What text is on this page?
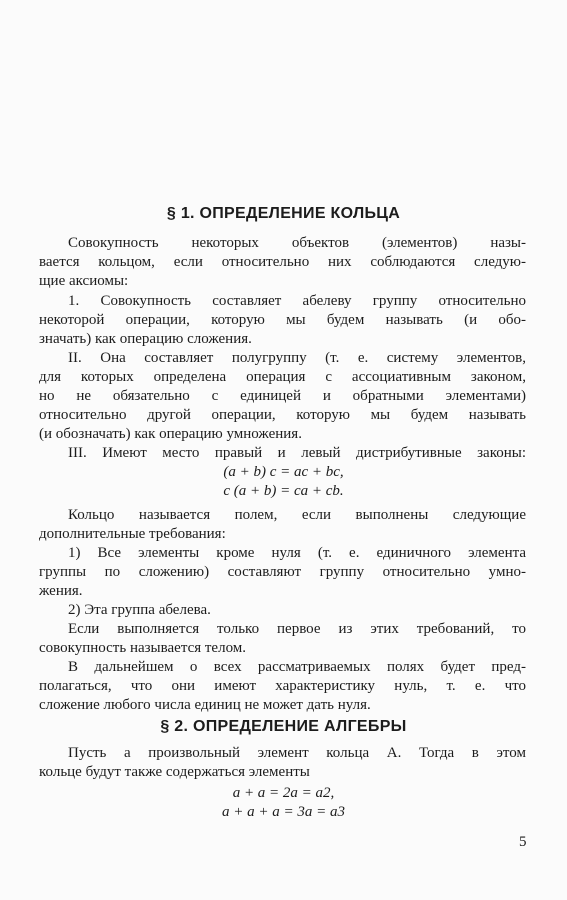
§ 1. ОПРЕДЕЛЕНИЕ КОЛЬЦА
Совокупность некоторых объектов (элементов) назы-
вается кольцом, если относительно них соблюдаются следую-
щие аксиомы:
1. Совокупность составляет абелеву группу относительно
некоторой операции, которую мы будем называть (и обо-
значать) как операцию сложения.
II. Она составляет полугруппу (т. е. систему элементов,
для которых определена операция с ассоциативным законом,
но не обязательно с единицей и обратными элементами)
относительно другой операции, которую мы будем называть
(и обозначать) как операцию умножения.
III. Имеют место правый и левый дистрибутивные законы:
(a + b) c = ac + bc,
c (a + b) = ca + cb.
Кольцо называется полем, если выполнены следующие
дополнительные требования:
1) Все элементы кроме нуля (т. е. единичного элемента
группы по сложению) составляют группу относительно умно-
жения.
2) Эта группа абелева.
Если выполняется только первое из этих требований, то
совокупность называется телом.
В дальнейшем о всех рассматриваемых полях будет пред-
полагаться, что они имеют характеристику нуль, т. е. что
сложение любого числа единиц не может дать нуля.
§ 2. ОПРЕДЕЛЕНИЕ АЛГЕБРЫ
Пусть a произвольный элемент кольца A. Тогда в этом
кольце будут также содержаться элементы
a + a = 2a = a2,
a + a + a = 3a = a3
5
